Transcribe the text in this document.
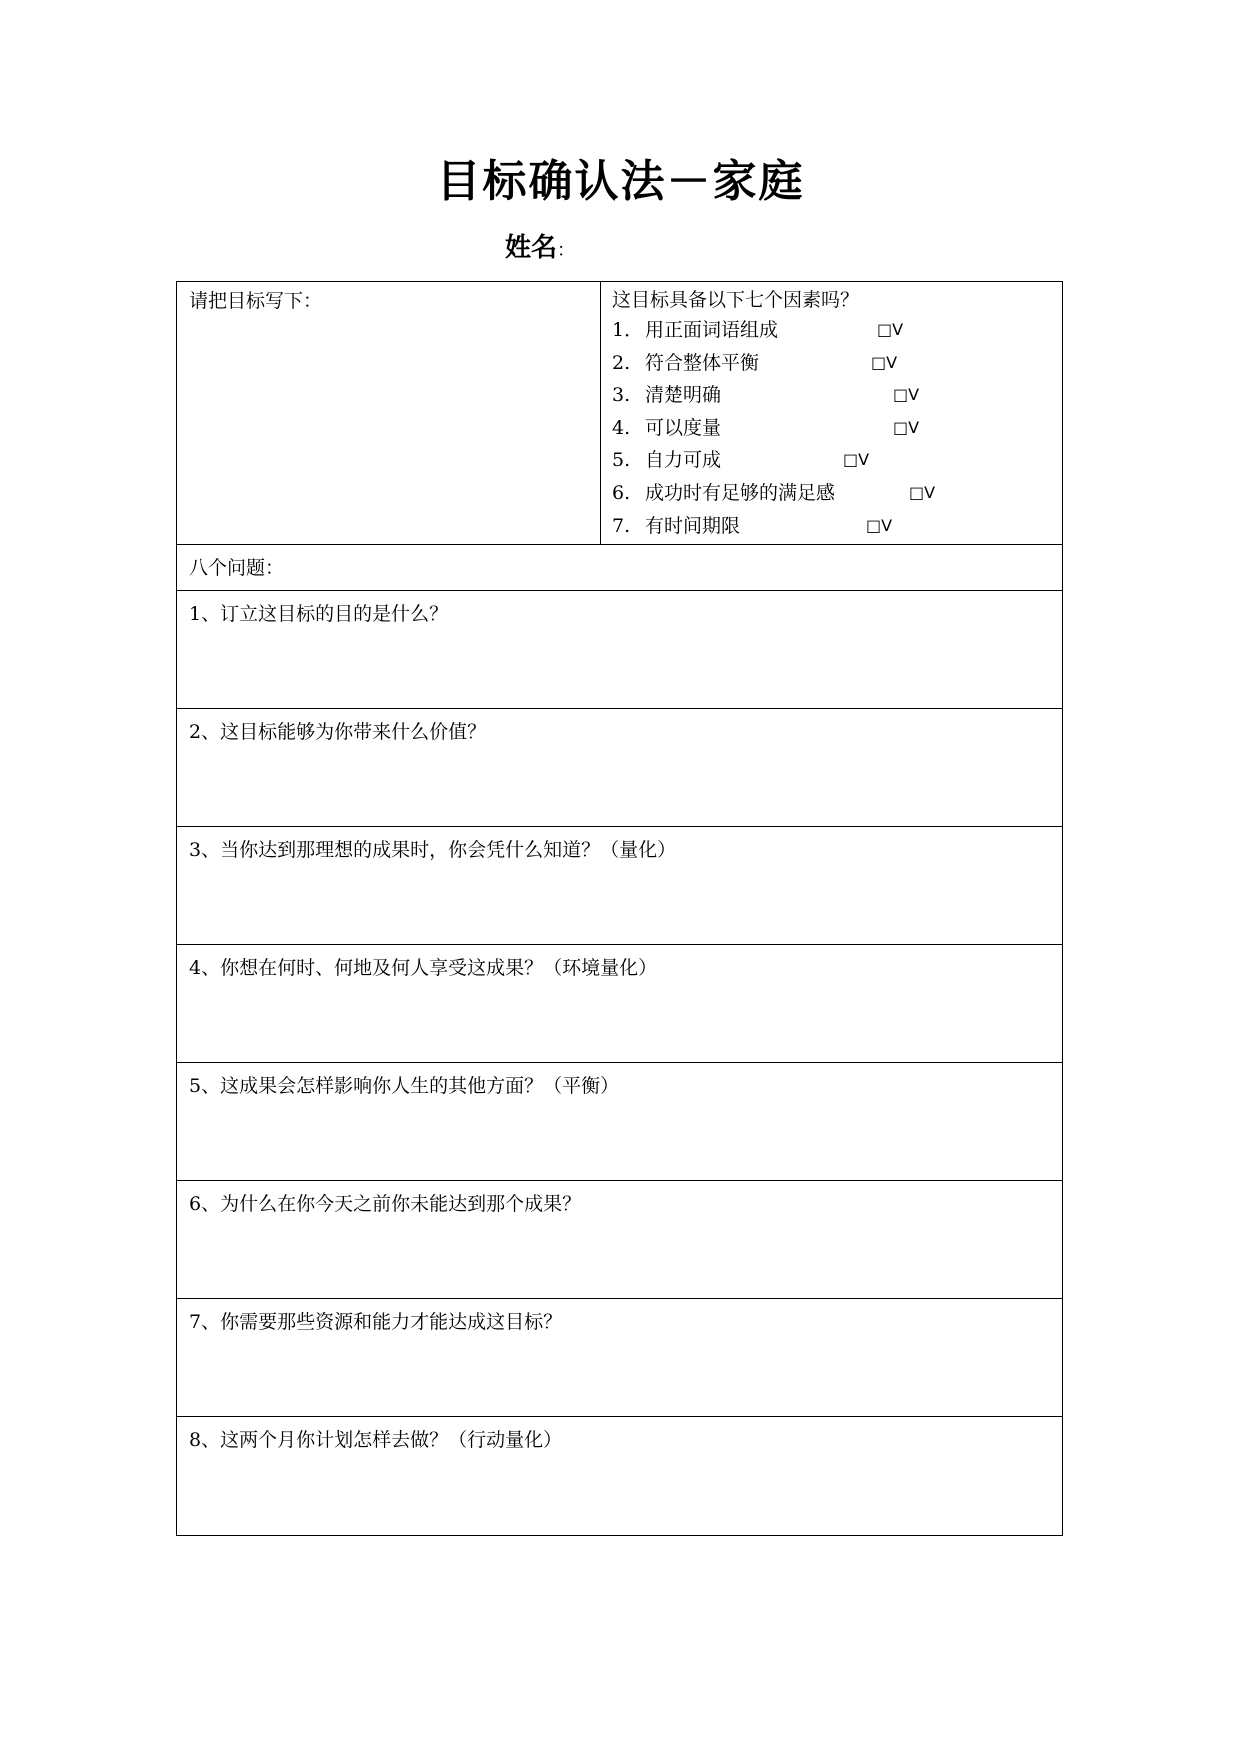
目标确认法－家庭
姓名：
请把目标写下：	这目标具备以下七个因素吗？
1． 用正面词语组成	□V
2. 符合整体平衡	□V
3. 清楚明确	□V
4. 可以度量	□V
5. 自力可成	□V
6. 成功时有足够的满足感	□V
7. 有时间期限	□V
八个问题：
1、订立这目标的目的是什么？
2、这目标能够为你带来什么价值？
3、当你达到那理想的成果时，你会凭什么知道？（量化）
4、你想在何时、何地及何人享受这成果？（环境量化）
5、这成果会怎样影响你人生的其他方面？（平衡）
6、为什么在你今天之前你未能达到那个成果？
7、你需要那些资源和能力才能达成这目标？
8、这两个月你计划怎样去做？（行动量化）
